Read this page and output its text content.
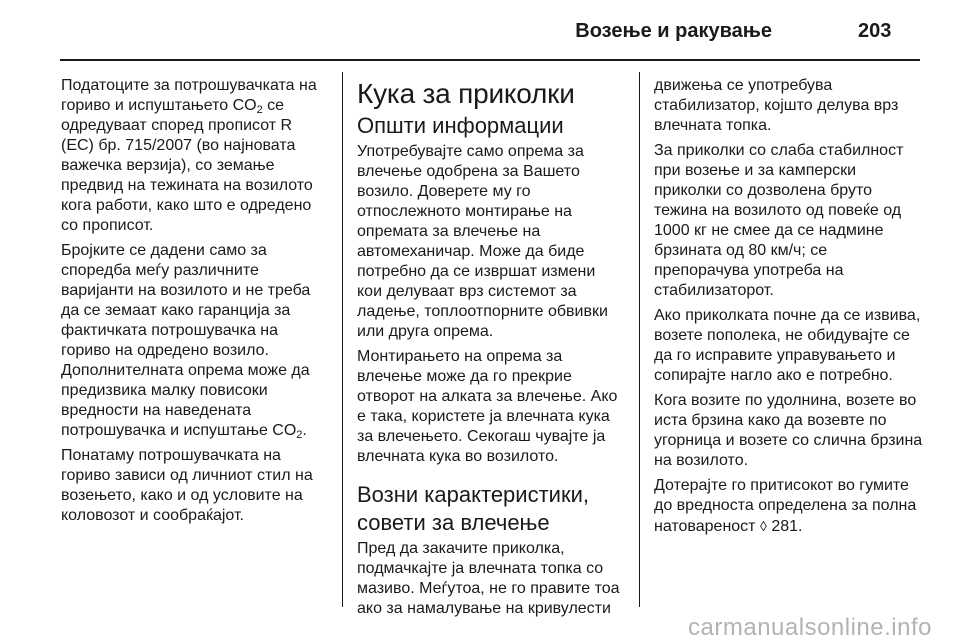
Возење и ракување	203

Податоците за потрошувачката на гориво и испуштањето $CO_2$ се одредуваат според прописот R (EC) бр. 715/2007 (во најновата важечка верзија), со земање предвид на тежината на возилото кога работи, како што е одредено со прописот.

Бројките се дадени само за споредба меѓу различните варијанти на возилото и не треба да се земаат како гаранција за фактичката потрошувачка на гориво на одредено возило. Дополнителната опрема може да предизвика малку повисоки вредности на наведената потрошувачка и испуштање $CO_2$.

Понатаму потрошувачката на гориво зависи од личниот стил на возењето, како и од условите на коловозот и сообраќајот.

Кука за приколки
Општи информации

Употребувајте само опрема за влечење одобрена за Вашето возило. Доверете му го отпослежното монтирање на опремата за влечење на автомеханичар. Може да биде потребно да се извршат измени кои делуваат врз системот за ладење, топлоотпорните обвивки или друга опрема.

Монтирањето на опрема за влечење може да го прекрие отворот на алката за влечење. Ако е така, користете ја влечната кука за влечењето. Секогаш чувајте ја влечната кука во возилото.

Возни карактеристики, совети за влечење

Пред да закачите приколка, подмачкајте ја влечната топка со мазиво. Меѓутоа, не го правите тоа ако за намалување на кривулести

движења се употребува стабилизатор, којшто делува врз влечната топка.

За приколки со слаба стабилност при возење и за камперски приколки со дозволена бруто тежина на возилото од повеќе од 1000 кг не смее да се надмине брзината од 80 км/ч; се препорачува употреба на стабилизаторот.

Ако приколката почне да се извива, возете пополека, не обидувајте се да го исправите управувањето и сопирајте нагло ако е потребно.

Кога возите по удолнина, возете во иста брзина како да возевте по угорница и возете со слична брзина на возилото.

Дотерајте го притисокот во гумите до вредноста определена за полна натовареност ◊ 281.

carmanualsonline.info
